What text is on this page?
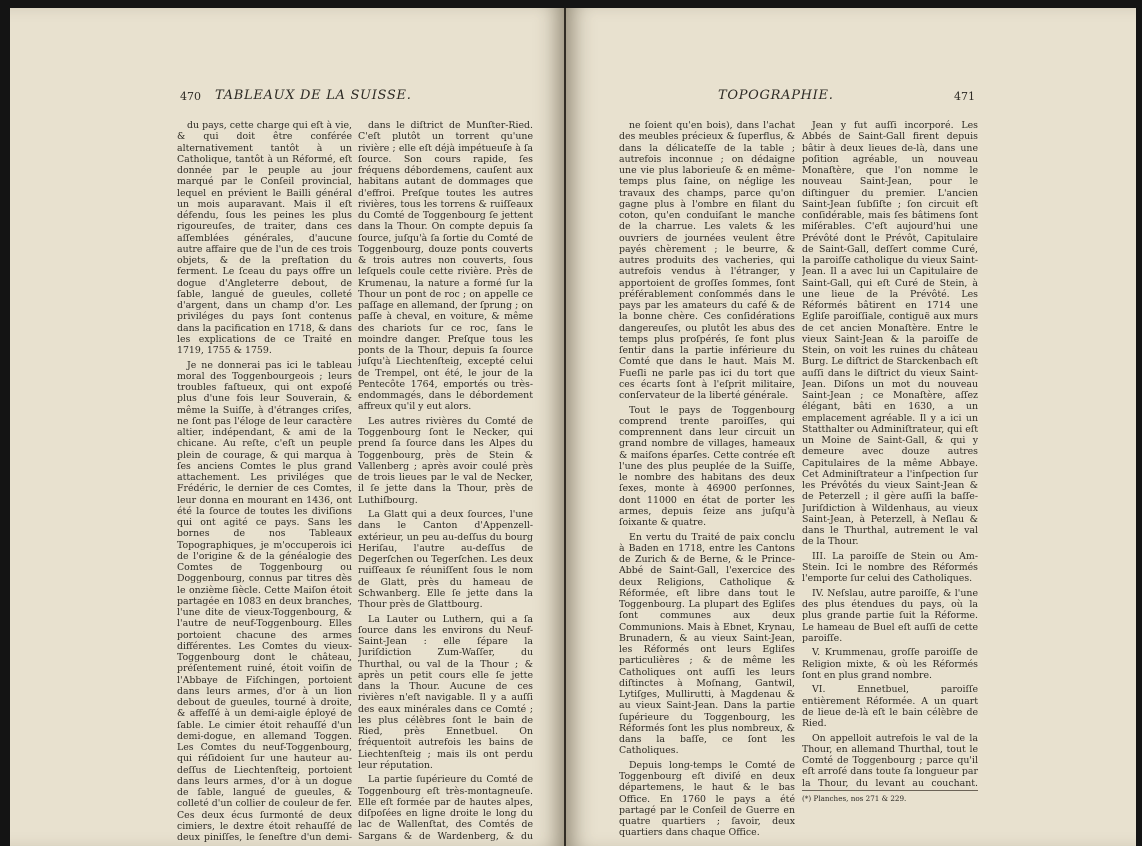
470 TABLEAUX DE LA SUISSE.

du pays, cette charge qui eſt à vie, & qui doit être conférée alternativement tantôt à un Catholique, tantôt à un Réformé, eſt donnée par le peuple au jour marqué par le Conſeil provincial, lequel en prévient le Bailli général un mois auparavant. Mais il eſt défendu, ſous les peines les plus rigoureuſes, de traiter, dans ces aſſemblées générales, d'aucune autre affaire que de l'un de ces trois objets, & de la preſtation du ferment. Le ſceau du pays offre un dogue d'Angleterre debout, de ſable, langué de gueules, colleté d'argent, dans un champ d'or. Les priviléges du pays ſont contenus dans la pacification en 1718, & dans les explications de ce Traité en 1719, 1755 & 1759.

Je ne donnerai pas ici le tableau moral des Toggenbourgeois ; leurs troubles faſtueux, qui ont expoſé plus d'une fois leur Souverain, & même la Suiſſe, à d'étranges criſes, ne ſont pas l'éloge de leur caractère altier, indépendant, & ami de la chicane. Au reſte, c'eſt un peuple plein de courage, & qui marqua à ſes anciens Comtes le plus grand attachement. Les priviléges que Frédéric, le dernier de ces Comtes, leur donna en mourant en 1436, ont été la ſource de toutes les diviſions qui ont agité ce pays. Sans les bornes de nos Tableaux Topographiques, je m'occuperois ici de l'origine & de la généalogie des Comtes de Toggenbourg ou Doggenbourg, connus par titres dès le onzième ſiècle. Cette Maiſon étoit partagée en 1083 en deux branches, l'une dite de vieux-Toggenbourg, & l'autre de neuf-Toggenbourg. Elles portoient chacune des armes différentes. Les Comtes du vieux-Toggenbourg dont le château, préſentement ruiné, étoit voiſin de l'Abbaye de Fiſchingen, portoient dans leurs armes, d'or à un lion debout de gueules, tourné à droite, & affeſſé à un demi-aigle éployé de ſable. Le cimier étoit rehauſſé d'un demi-dogue, en allemand Toggen. Les Comtes du neuf-Toggenbourg, qui réſidoient ſur une hauteur au-deſſus de Liechtenſteig, portoient dans leurs armes, d'or à un dogue de ſable, langué de gueules, & colleté d'un collier de couleur de fer. Ces deux écus ſurmonté de deux cimiers, le dextre étoit rehauſſé de deux piniſſes, le ſeneſtre d'un demi-

dans le diſtrict de Munſter-Ried. C'eſt plutôt un torrent qu'une rivière ; elle eſt déjà impétueuſe à ſa ſource. Son cours rapide, ſes fréquens débordemens, cauſent aux habitans autant de dommages que d'effroi. Preſque toutes les autres rivières, tous les torrens & ruiſſeaux du Comté de Toggenbourg ſe jettent dans la Thour. On compte depuis ſa ſource, juſqu'à ſa ſortie du Comté de Toggenbourg, douze ponts couverts & trois autres non couverts, ſous leſquels coule cette rivière. Près de Krumenau, la nature a formé ſur la Thour un pont de roc ; on appelle ce paſſage en allemand, der ſprung ; on paſſe à cheval, en voiture, & même des chariots ſur ce roc, ſans le moindre danger. Preſque tous les ponts de la Thour, depuis ſa ſource juſqu'à Liechtenſteig, excepté celui de Trempel, ont été, le jour de la Pentecôte 1764, emportés ou très-endommagés, dans le débordement affreux qu'il y eut alors.

Les autres rivières du Comté de Toggenbourg ſont le Necker, qui prend ſa ſource dans les Alpes du Toggenbourg, près de Stein & Vallenberg ; après avoir coulé près de trois lieues par le val de Necker, il ſe jette dans la Thour, près de Luthiſbourg.

La Glatt qui a deux ſources, l'une dans le Canton d'Appenzell-extérieur, un peu au-deſſus du bourg Heriſau, l'autre au-deſſus de Degerſchen ou Tegerſchen. Les deux ruiſſeaux ſe réuniſſent ſous le nom de Glatt, près du hameau de Schwanberg. Elle ſe jette dans la Thour près de Glattbourg.

La Lauter ou Luthern, qui a ſa ſource dans les environs du Neuf-Saint-Jean : elle ſépare la Juriſdiction Zum-Waſſer, du Thurthal, ou val de la Thour ; & après un petit cours elle ſe jette dans la Thour. Aucune de ces rivières n'eſt navigable. Il y a auſſi des eaux minérales dans ce Comté ; les plus célèbres ſont le bain de Ried, près Ennetbuel. On fréquentoit autrefois les bains de Liechtenſteig ; mais ils ont perdu leur réputation.

La partie ſupérieure du Comté de Toggenbourg eſt très-montagneuſe. Elle eſt formée par de hautes alpes, diſpoſées en ligne droite le long du lac de Wallenſtat, des Comtés de Sargans & de Wardenberg, & du

TOPOGRAPHIE.	471

ne ſoient qu'en bois), dans l'achat des meubles précieux & ſuperflus, & dans la délicateſſe de la table ; autrefois inconnue ; on dédaigne une vie plus laborieuſe & en même-temps plus ſaine, on néglige les travaux des champs, parce qu'on gagne plus à l'ombre en filant du coton, qu'en conduiſant le manche de la charrue. Les valets & les ouvriers de journées veulent être payés chèrement ; le beurre, & autres produits des vacheries, qui autrefois vendus à l'étranger, y apportoient de groſſes ſommes, ſont préférablement conſommés dans le pays par les amateurs du café & de la bonne chère. Ces conſidérations dangereuſes, ou plutôt les abus des temps plus proſpérés, ſe font plus ſentir dans la partie inférieure du Comté que dans le haut. Mais M. Fueſli ne parle pas ici du tort que ces écarts ſont à l'eſprit militaire, conſervateur de la liberté générale.

Tout le pays de Toggenbourg comprend trente paroiſſes, qui comprennent dans leur circuit un grand nombre de villages, hameaux & maiſons éparſes. Cette contrée eſt l'une des plus peuplée de la Suiſſe, le nombre des habitans des deux ſexes, monte à 46900 perſonnes, dont 11000 en état de porter les armes, depuis ſeize ans juſqu'à ſoixante & quatre.

En vertu du Traité de paix conclu à Baden en 1718, entre les Cantons de Zurich & de Berne, & le Prince-Abbé de Saint-Gall, l'exercice des deux Religions, Catholique & Réformée, eſt libre dans tout le Toggenbourg. La plupart des Egliſes ſont communes aux deux Communions. Mais à Ebnet, Krynau, Brunadern, & au vieux Saint-Jean, les Réformés ont leurs Egliſes particulières ; & de même les Catholiques ont auſſi les leurs diſtinctes à Moſnang, Gantwil, Lytiſges, Mullirutti, à Magdenau & au vieux Saint-Jean. Dans la partie ſupérieure du Toggenbourg, les Réformés ſont les plus nombreux, & dans la baſſe, ce ſont les Catholiques.

Depuis long-temps le Comté de Toggenbourg eſt diviſé en deux départemens, le haut & le bas Office. En 1760 le pays a été partagé par le Conſeil de Guerre en quatre quartiers ; ſavoir, deux quartiers dans chaque Office.

Jean y fut auſſi incorporé. Les Abbés de Saint-Gall firent depuis bâtir à deux lieues de-là, dans une poſition agréable, un nouveau Monaſtère, que l'on nomme le nouveau Saint-Jean, pour le diſtinguer du premier. L'ancien Saint-Jean ſubſiſte ; ſon circuit eſt conſidérable, mais ſes bâtimens ſont miſérables. C'eſt aujourd'hui une Prévôté dont le Prévôt, Capitulaire de Saint-Gall, deſſert comme Curé, la paroiſſe catholique du vieux Saint-Jean. Il a avec lui un Capitulaire de Saint-Gall, qui eſt Curé de Stein, à une lieue de la Prévôté. Les Réformés bâtirent en 1714 une Egliſe paroiſſiale, contiguë aux murs de cet ancien Monaſtère. Entre le vieux Saint-Jean & la paroiſſe de Stein, on voit les ruines du château Burg. Le diſtrict de Starckenbach eſt auſſi dans le diſtrict du vieux Saint-Jean. Diſons un mot du nouveau Saint-Jean ; ce Monaſtère, aſſez élégant, bâti en 1630, a un emplacement agréable. Il y a ici un Statthalter ou Adminiſtrateur, qui eſt un Moine de Saint-Gall, & qui y demeure avec douze autres Capitulaires de la même Abbaye. Cet Adminiſtrateur a l'inſpection ſur les Prévôtés du vieux Saint-Jean & de Peterzell ; il gère auſſi la baſſe-Juriſdiction à Wildenhaus, au vieux Saint-Jean, à Peterzell, à Neſlau & dans le Thurthal, autrement le val de la Thour.

III. La paroiſſe de Stein ou Am-Stein. Ici le nombre des Réformés l'emporte ſur celui des Catholiques.

IV. Neſslau, autre paroiſſe, & l'une des plus étendues du pays, où la plus grande partie ſuit la Réforme. Le hameau de Buel eſt auſſi de cette paroiſſe.

V. Krummenau, groſſe paroiſſe de Religion mixte, & où les Réformés ſont en plus grand nombre.

VI. Ennetbuel, paroiſſe entièrement Réformée. A un quart de lieue de-là eſt le bain célèbre de Ried.

On appelloit autrefois le val de la Thour, en allemand Thurthal, tout le Comté de Toggenbourg ; parce qu'il eſt arroſé dans toute ſa longueur par la Thour, du levant au couchant.

(*) Planches, nos 271 & 229.
